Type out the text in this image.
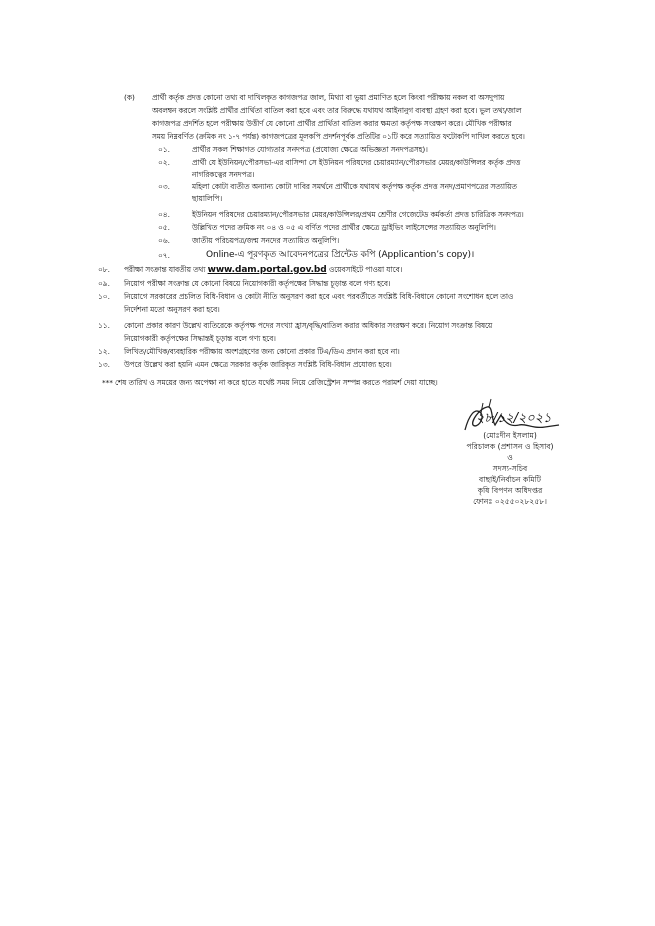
(ক) প্রার্থী কর্তৃক প্রদত্ত কোনো তথ্য বা দাখিলকৃত কাগজপত্র জাল, মিথ্যা বা ভুয়া প্রমাণিত হলে কিংবা পরীক্ষায় নকল বা অসদুপায়
অবলম্বন করলে সংশ্লিষ্ট প্রার্থীর প্রার্থিতা বাতিল করা হবে এবং তার বিরুদ্ধে যথাযথ আইনানুগ ব্যবস্থা গ্রহণ করা হবে। ভুল তথ্য/জাল
কাগজপত্র প্রদর্শিত হলে পরীক্ষায় উত্তীর্ণ যে কোনো প্রার্থীর প্রার্থিতা বাতিল করার ক্ষমতা কর্তৃপক্ষ সংরক্ষণ করে। মৌখিক পরীক্ষার
সময় নিম্নবর্ণিত (ক্রমিক নং ১-৭ পর্যন্ত) কাগজপত্রের মূলকপি প্রদর্শনপূর্বক প্রতিটির ০১টি করে সত্যায়িত ফটোকপি দাখিল করতে হবে।
০১.	প্রার্থীর সকল শিক্ষাগত যোগ্যতার সনদপত্র (প্রযোজ্য ক্ষেত্রে অভিজ্ঞতা সনদপত্রসহ)।
০২.	প্রার্থী যে ইউনিয়ন/পৌরসভা-এর বাসিন্দা সে ইউনিয়ন পরিষদের চেয়ারম্যান/পৌরসভার মেয়র/কাউন্সিলর কর্তৃক প্রদত্ত
নাগরিকত্বের সনদপত্র।
০৩.	মহিলা কোটা ব্যতীত অন্যান্য কোটা দাবির সমর্থনে প্রার্থীকে যথাযথ কর্তৃপক্ষ কর্তৃক প্রদত্ত সনদ/প্রমাণপত্রের সত্যায়িত
ছায়ালিপি।
০৪.	ইউনিয়ন পরিষদের চেয়ারম্যান/পৌরসভার মেয়র/কাউন্সিলর/প্রথম শ্রেণীর গেজেটেড কর্মকর্তা প্রদত্ত চারিত্রিক সনদপত্র।
০৫.	উল্লিখিত পদের ক্রমিক নং ০৪ ও ০৫ এ বর্ণিত পদের প্রার্থীর ক্ষেত্রে ড্রাইভিং লাইসেন্সের সত্যায়িত অনুলিপি।
০৬.	জাতীয় পরিচয়পত্র/জন্ম সনদের সত্যায়িত অনুলিপি।
০৭.	Online-এ পূরণকৃত আবেদনপত্রের প্রিন্টেড কপি (Applicantion’s copy)।
০৮. পরীক্ষা সংক্রান্ত যাবতীয় তথ্য www.dam.portal.gov.bd ওয়েবসাইটে পাওয়া যাবে।
০৯. নিয়োগ পরীক্ষা সংক্রান্ত যে কোনো বিষয়ে নিয়োগকারী কর্তৃপক্ষের সিদ্ধান্ত চূড়ান্ত বলে গণ্য হবে।
১০. নিয়োগে সরকারের প্রচলিত বিধি-বিধান ও কোটা নীতি অনুসরণ করা হবে এবং পরবর্তীতে সংশ্লিষ্ট বিধি-বিধানে কোনো সংশোধন হলে তাও
নির্দেশনা মতো অনুসরণ করা হবে।
১১. কোনো প্রকার কারণ উল্লেখ ব্যতিরেকে কর্তৃপক্ষ পদের সংখ্যা হ্রাস/বৃদ্ধি/বাতিল করার অধিকার সংরক্ষণ করে। নিয়োগ সংক্রান্ত বিষয়ে
নিয়োগকারী কর্তৃপক্ষের সিদ্ধান্তই চূড়ান্ত বলে গণ্য হবে।
১২. লিখিত/মৌখিক/ব্যবহারিক পরীক্ষায় অংশগ্রহণের জন্য কোনো প্রকার টিএ/ডিএ প্রদান করা হবে না।
১৩. উপরে উল্লেখ করা হয়নি এমন ক্ষেত্রে সরকার কর্তৃক জারিকৃত সংশ্লিষ্ট বিধি-বিধান প্রযোজ্য হবে।
*** শেষ তারিখ ও সময়ের জন্য অপেক্ষা না করে হাতে যথেষ্ট সময় নিয়ে রেজিস্ট্রেশন সম্পন্ন করতে পরামর্শ দেয়া যাচ্ছে।
২৮/১২/২০২১
(মোঃদীন ইসলাম)
পরিচালক (প্রশাসন ও হিসাব)
ও
সদস্য-সচিব
বাছাই/নির্বাচন কমিটি
কৃষি বিপণন অধিদপ্তর
ফোনঃ ০২৫৫০২৮২৫৮।
